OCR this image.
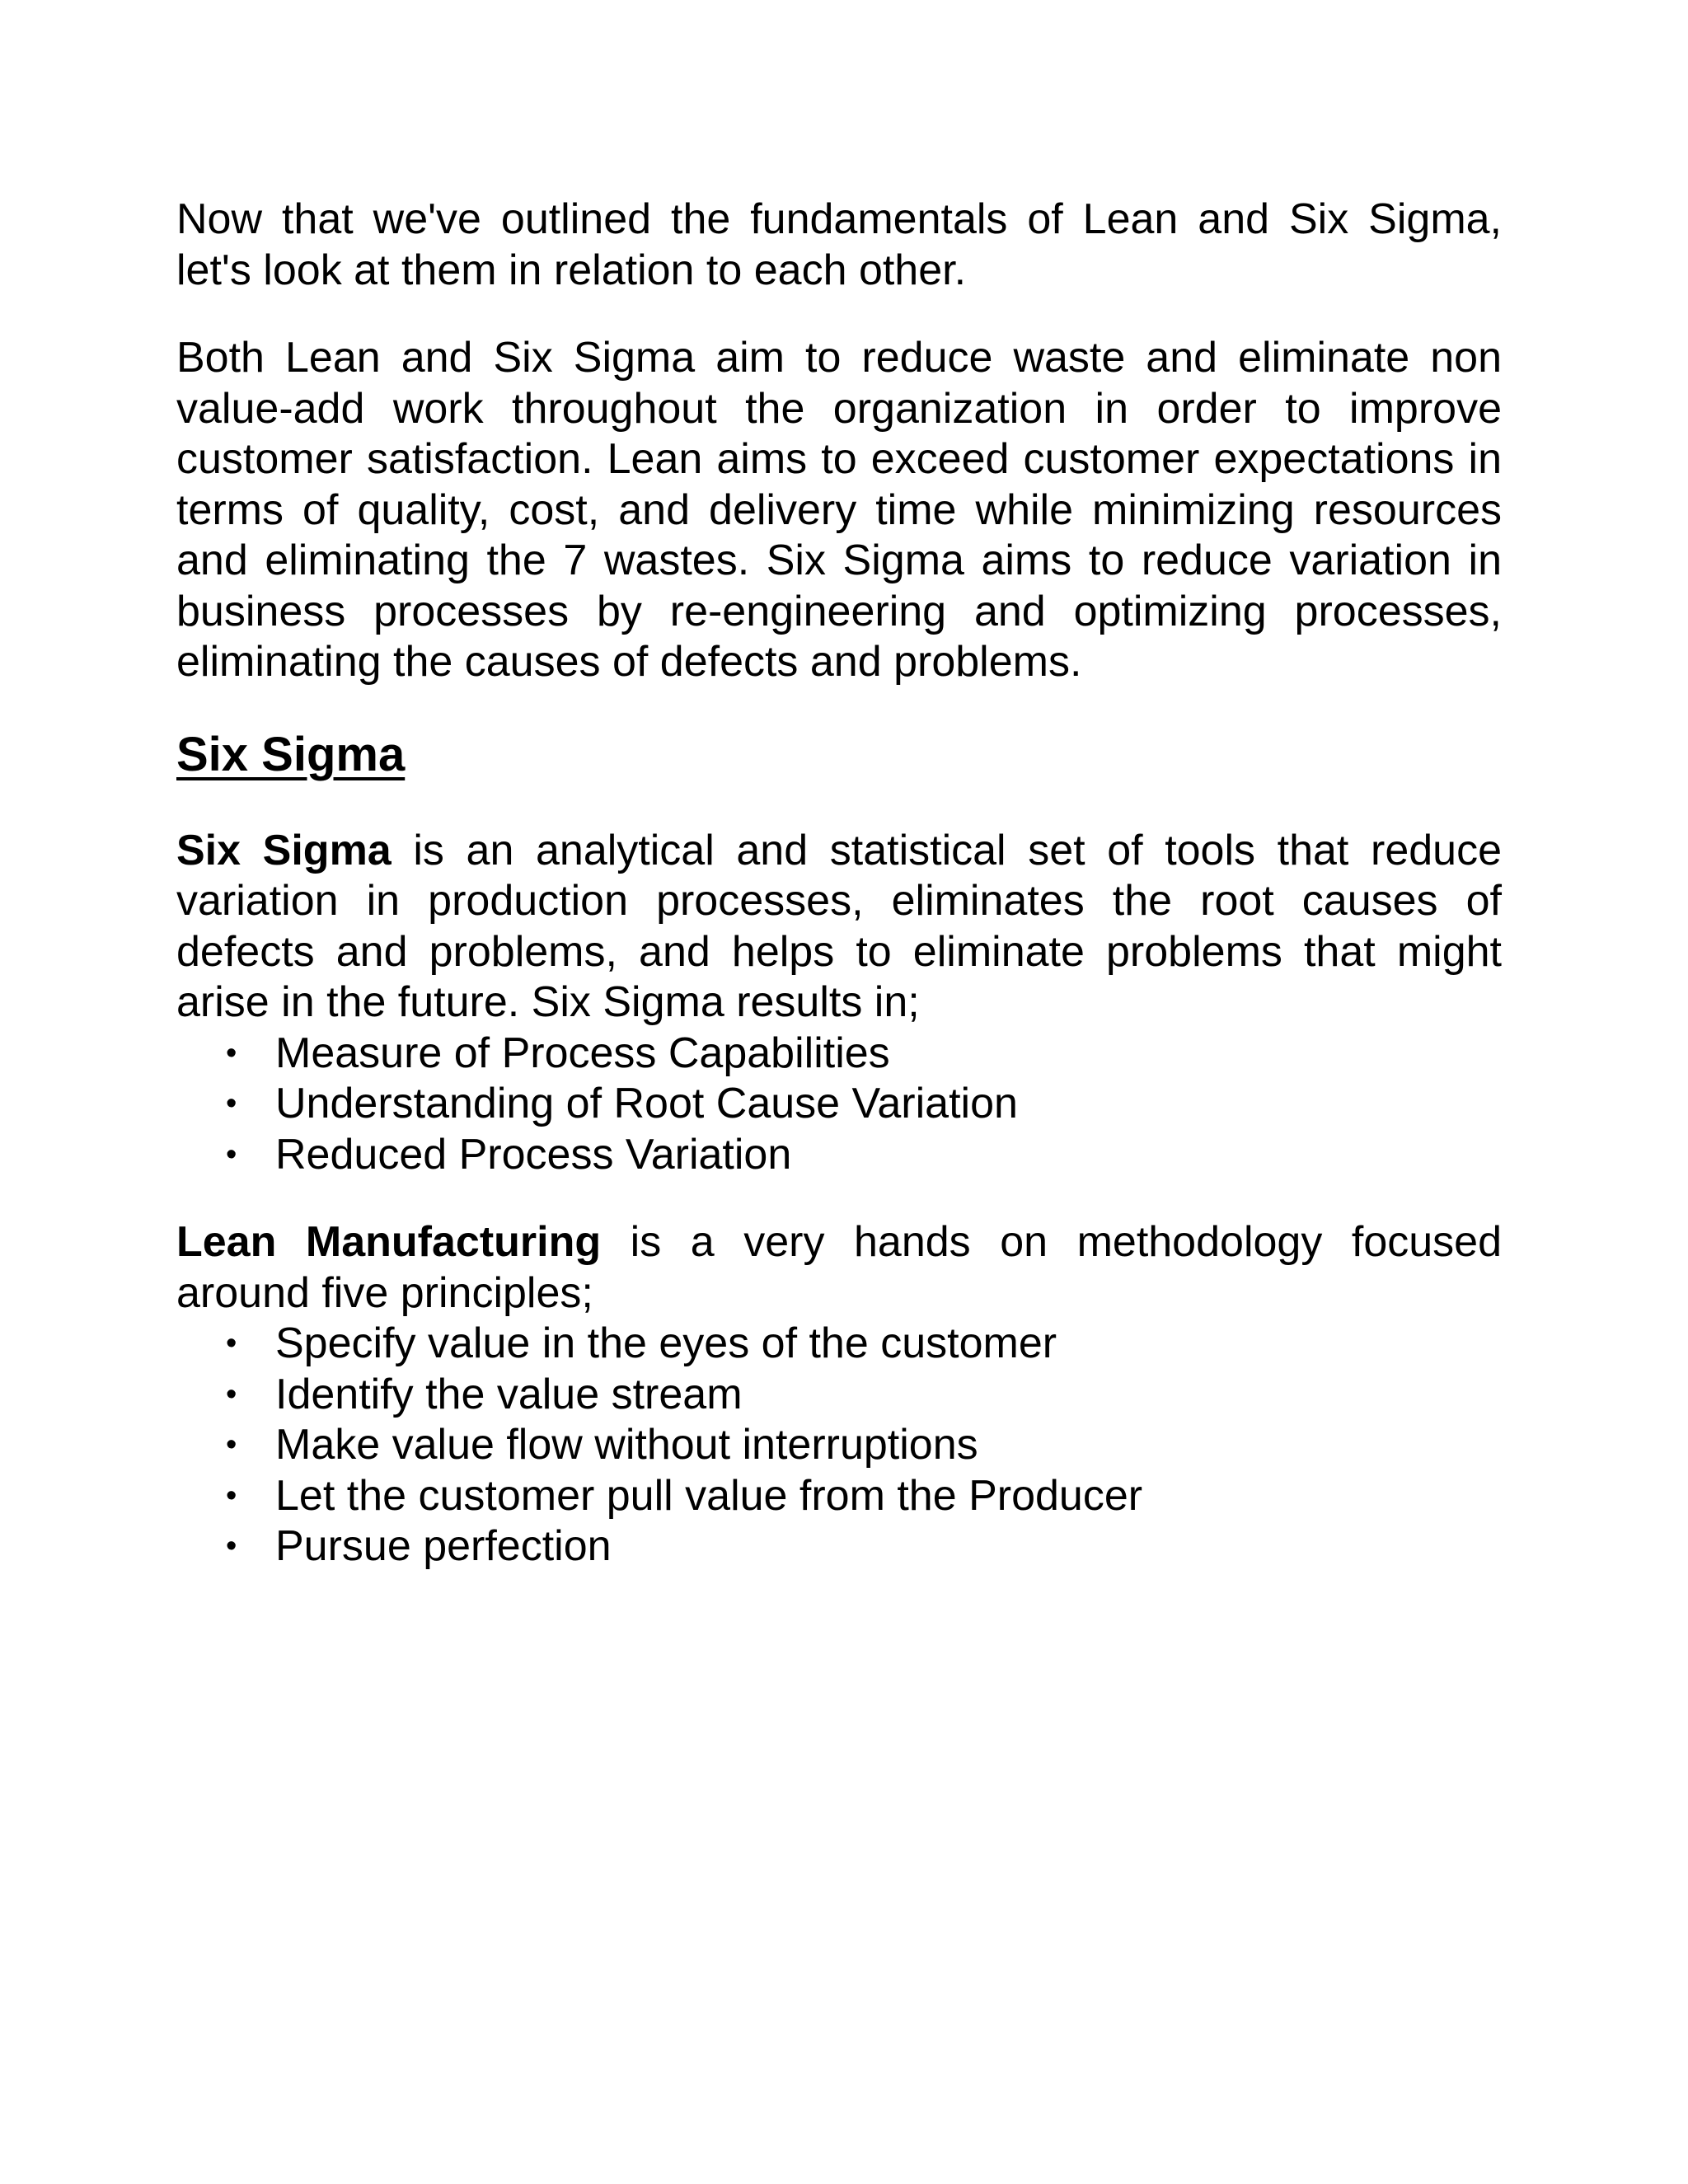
Now that we've outlined the fundamentals of Lean and Six Sigma, let's look at them in relation to each other.

Both Lean and Six Sigma aim to reduce waste and eliminate non value-add work throughout the organization in order to improve customer satisfaction. Lean aims to exceed customer expectations in terms of quality, cost, and delivery time while minimizing resources and eliminating the 7 wastes. Six Sigma aims to reduce variation in business processes by re-engineering and optimizing processes, eliminating the causes of defects and problems.

Six Sigma

Six Sigma is an analytical and statistical set of tools that reduce variation in production processes, eliminates the root causes of defects and problems, and helps to eliminate problems that might arise in the future. Six Sigma results in;

• Measure of Process Capabilities
• Understanding of Root Cause Variation
• Reduced Process Variation

Lean Manufacturing is a very hands on methodology focused around five principles;

• Specify value in the eyes of the customer
• Identify the value stream
• Make value flow without interruptions
• Let the customer pull value from the Producer
• Pursue perfection
